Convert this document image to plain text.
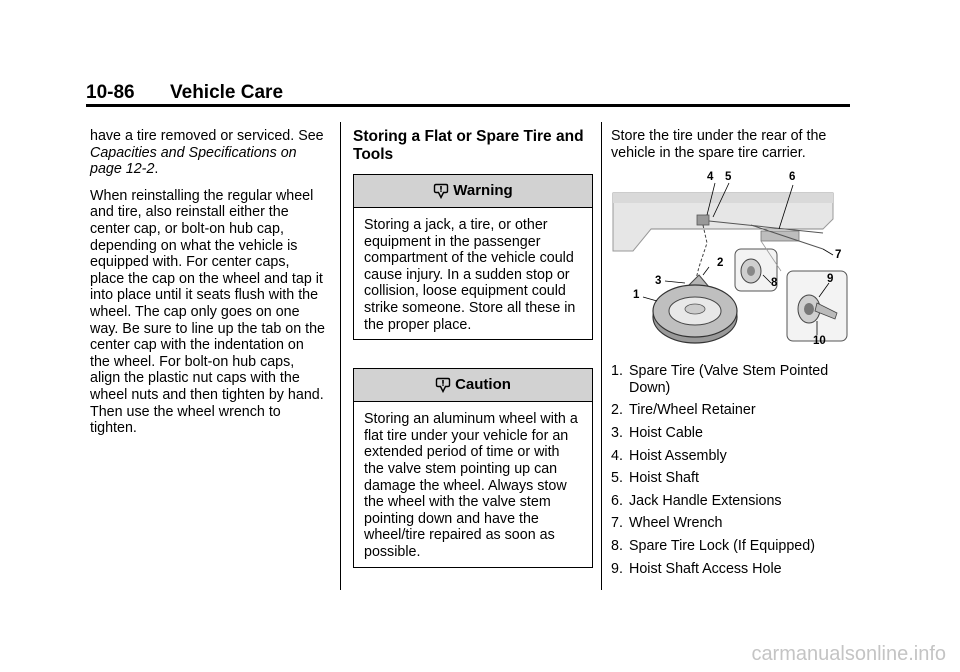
10-86 Vehicle Care

have a tire removed or serviced. See Capacities and Specifications on page 12-2.

When reinstalling the regular wheel and tire, also reinstall either the center cap, or bolt-on hub cap, depending on what the vehicle is equipped with. For center caps, place the cap on the wheel and tap it into place until it seats flush with the wheel. The cap only goes on one way. Be sure to line up the tab on the center cap with the indentation on the wheel. For bolt-on hub caps, align the plastic nut caps with the wheel nuts and then tighten by hand. Then use the wheel wrench to tighten.

Storing a Flat or Spare Tire and Tools
Warning
Storing a jack, a tire, or other equipment in the passenger compartment of the vehicle could cause injury. In a sudden stop or collision, loose equipment could strike someone. Store all these in the proper place.
Caution
Storing an aluminum wheel with a flat tire under your vehicle for an extended period of time or with the valve stem pointing up can damage the wheel. Always stow the wheel with the valve stem pointing down and have the wheel/tire repaired as soon as possible.

Store the tire under the rear of the vehicle in the spare tire carrier.

4 5	6
7
2
3	8
1
9
10
1. Spare Tire (Valve Stem Pointed Down)
2. Tire/Wheel Retainer
3. Hoist Cable
4. Hoist Assembly
5. Hoist Shaft
6. Jack Handle Extensions
7. Wheel Wrench
8. Spare Tire Lock (If Equipped)
9. Hoist Shaft Access Hole
carmanualsonline.info
